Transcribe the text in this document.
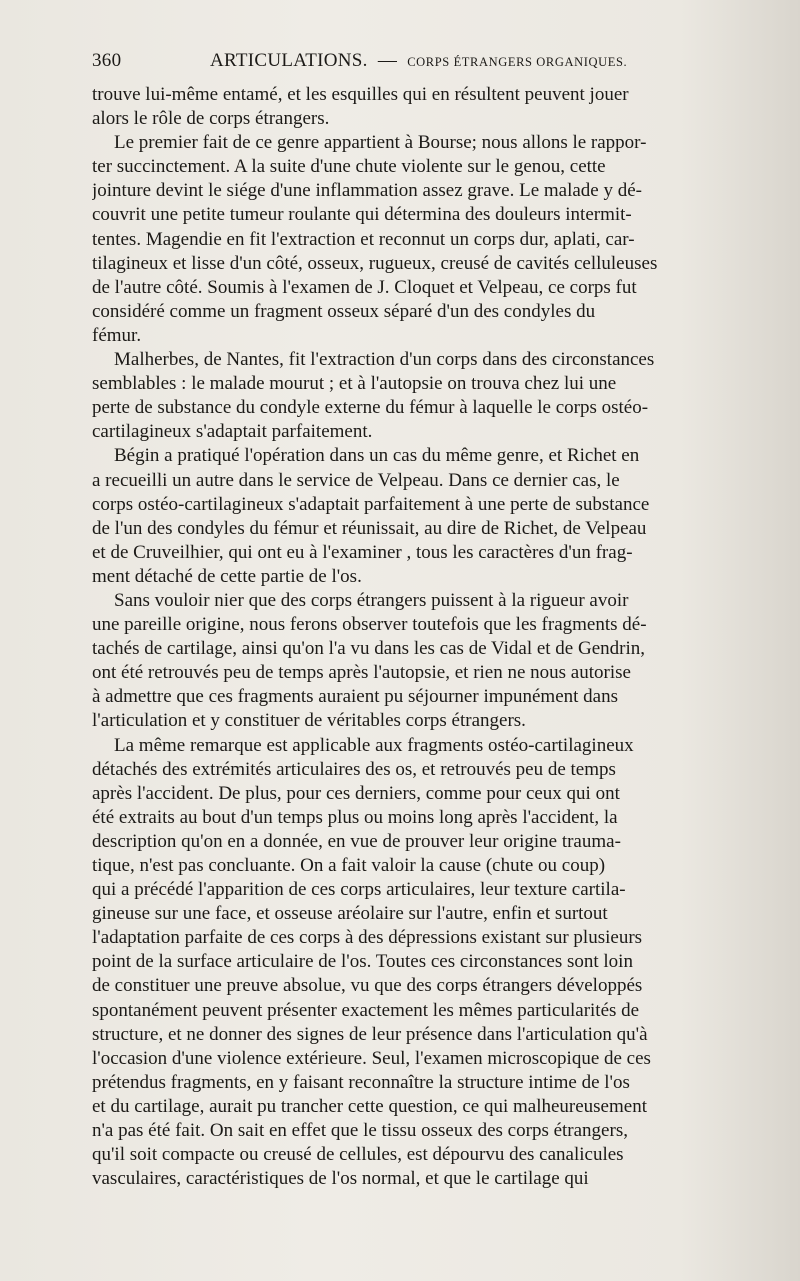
360	ARTICULATIONS. — CORPS ÉTRANGERS ORGANIQUES.
trouve lui-même entamé, et les esquilles qui en résultent peuvent jouer
alors le rôle de corps étrangers.
Le premier fait de ce genre appartient à Bourse; nous allons le rappor-
ter succinctement. A la suite d'une chute violente sur le genou, cette
jointure devint le siége d'une inflammation assez grave. Le malade y dé-
couvrit une petite tumeur roulante qui détermina des douleurs intermit-
tentes. Magendie en fit l'extraction et reconnut un corps dur, aplati, car-
tilagineux et lisse d'un côté, osseux, rugueux, creusé de cavités celluleuses
de l'autre côté. Soumis à l'examen de J. Cloquet et Velpeau, ce corps fut
considéré comme un fragment osseux séparé d'un des condyles du
fémur.
Malherbes, de Nantes, fit l'extraction d'un corps dans des circonstances
semblables : le malade mourut ; et à l'autopsie on trouva chez lui une
perte de substance du condyle externe du fémur à laquelle le corps ostéo-
cartilagineux s'adaptait parfaitement.
Bégin a pratiqué l'opération dans un cas du même genre, et Richet en
a recueilli un autre dans le service de Velpeau. Dans ce dernier cas, le
corps ostéo-cartilagineux s'adaptait parfaitement à une perte de substance
de l'un des condyles du fémur et réunissait, au dire de Richet, de Velpeau
et de Cruveilhier, qui ont eu à l'examiner , tous les caractères d'un frag-
ment détaché de cette partie de l'os.
Sans vouloir nier que des corps étrangers puissent à la rigueur avoir
une pareille origine, nous ferons observer toutefois que les fragments dé-
tachés de cartilage, ainsi qu'on l'a vu dans les cas de Vidal et de Gendrin,
ont été retrouvés peu de temps après l'autopsie, et rien ne nous autorise
à admettre que ces fragments auraient pu séjourner impunément dans
l'articulation et y constituer de véritables corps étrangers.
La même remarque est applicable aux fragments ostéo-cartilagineux
détachés des extrémités articulaires des os, et retrouvés peu de temps
après l'accident. De plus, pour ces derniers, comme pour ceux qui ont
été extraits au bout d'un temps plus ou moins long après l'accident, la
description qu'on en a donnée, en vue de prouver leur origine trauma-
tique, n'est pas concluante. On a fait valoir la cause (chute ou coup)
qui a précédé l'apparition de ces corps articulaires, leur texture cartila-
gineuse sur une face, et osseuse aréolaire sur l'autre, enfin et surtout
l'adaptation parfaite de ces corps à des dépressions existant sur plusieurs
point de la surface articulaire de l'os. Toutes ces circonstances sont loin
de constituer une preuve absolue, vu que des corps étrangers développés
spontanément peuvent présenter exactement les mêmes particularités de
structure, et ne donner des signes de leur présence dans l'articulation qu'à
l'occasion d'une violence extérieure. Seul, l'examen microscopique de ces
prétendus fragments, en y faisant reconnaître la structure intime de l'os
et du cartilage, aurait pu trancher cette question, ce qui malheureusement
n'a pas été fait. On sait en effet que le tissu osseux des corps étrangers,
qu'il soit compacte ou creusé de cellules, est dépourvu des canalicules
vasculaires, caractéristiques de l'os normal, et que le cartilage qui
